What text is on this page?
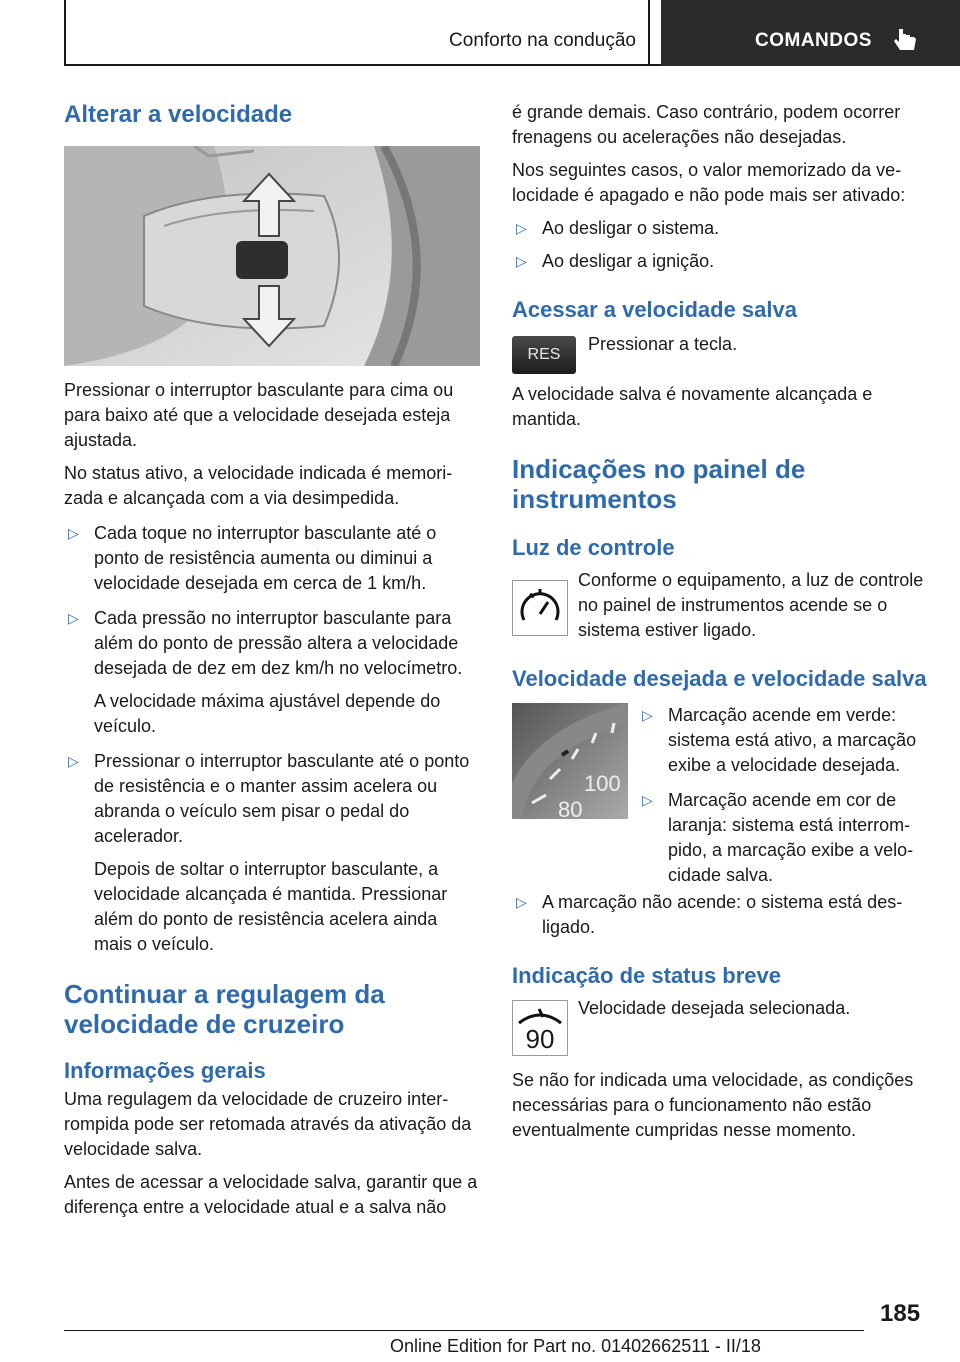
Conforto na condução	COMANDOS
Alterar a velocidade

Pressionar o interruptor basculante para cima ou para baixo até que a velocidade desejada esteja ajustada.

No status ativo, a velocidade indicada é memorizada e alcançada com a via desimpedida.

▷ Cada toque no interruptor basculante até o ponto de resistência aumenta ou diminui a velocidade desejada em cerca de 1 km/h.
▷ Cada pressão no interruptor basculante para além do ponto de pressão altera a velocidade desejada de dez em dez km/h no velocímetro.
A velocidade máxima ajustável depende do veículo.
▷ Pressionar o interruptor basculante até o ponto de resistência e o manter assim acelera ou abranda o veículo sem pisar o pedal do acelerador.
Depois de soltar o interruptor basculante, a velocidade alcançada é mantida. Pressionar além do ponto de resistência acelera ainda mais o veículo.
Continuar a regulagem da velocidade de cruzeiro
Informações gerais

Uma regulagem da velocidade de cruzeiro interrompida pode ser retomada através da ativação da velocidade salva.

Antes de acessar a velocidade salva, garantir que a diferença entre a velocidade atual e a salva não

é grande demais. Caso contrário, podem ocorrer frenagens ou acelerações não desejadas.

Nos seguintes casos, o valor memorizado da velocidade é apagado e não pode mais ser ativado:

▷ Ao desligar o sistema.
▷ Ao desligar a ignição.
Acessar a velocidade salva
RES
Pressionar a tecla.

A velocidade salva é novamente alcançada e mantida.

Indicações no painel de instrumentos
Luz de controle
Conforme o equipamento, a luz de controle no painel de instrumentos acende se o sistema estiver ligado.
Velocidade desejada e velocidade salva
100
80
▷ Marcação acende em verde: sistema está ativo, a marcação exibe a velocidade desejada.
▷ Marcação acende em cor de laranja: sistema está interrompido, a marcação exibe a velocidade salva.
▷ A marcação não acende: o sistema está desligado.
Indicação de status breve
90
Velocidade desejada selecionada.

Se não for indicada uma velocidade, as condições necessárias para o funcionamento não estão eventualmente cumpridas nesse momento.

185
Online Edition for Part no. 01402662511 - II/18
